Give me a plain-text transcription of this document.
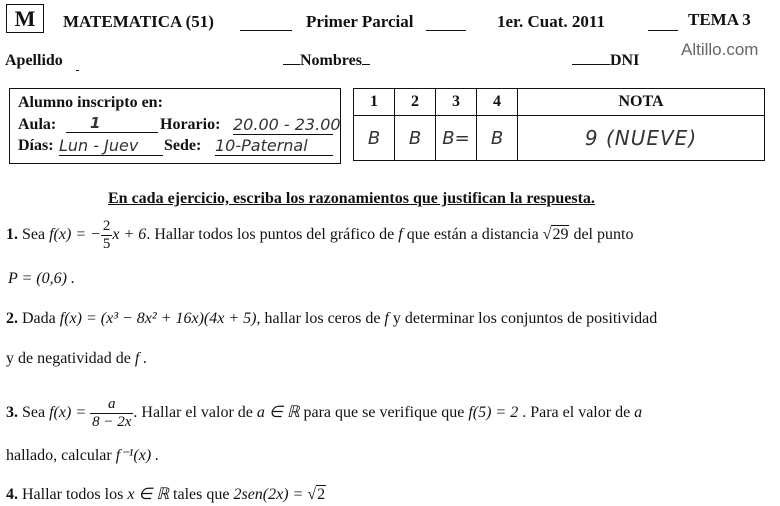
M	MATEMATICA (51)	Primer Parcial	1er. Cuat. 2011	TEMA 3
Altillo.com
Apellido	Nombres	DNI
Alumno inscripto en:
Aula:	1	Horario: 20.00 - 23.00
Días: Lun - Juev	Sede: 10-Paternal
1	2	3	4	NOTA
B	B	B=	B	9 (NUEVE)
En cada ejercicio, escriba los razonamientos que justifican la respuesta.
1. Sea f(x) = − $\frac{2}{5}$ x + 6. Hallar todos los puntos del gráfico de f que están a distancia √29 del punto
P = (0,6) .
2. Dada f(x) = (x³ − 8x² + 16x)(4x + 5), hallar los ceros de f y determinar los conjuntos de positividad
y de negatividad de f .
3. Sea $f(x) = \frac{a}{8 - 2x}$ . Hallar el valor de a ∈ ℝ para que se verifique que f(5) = 2 . Para el valor de a
hallado, calcular f⁻¹(x) .
4. Hallar todos los x ∈ ℝ tales que 2sen(2x) = √2
